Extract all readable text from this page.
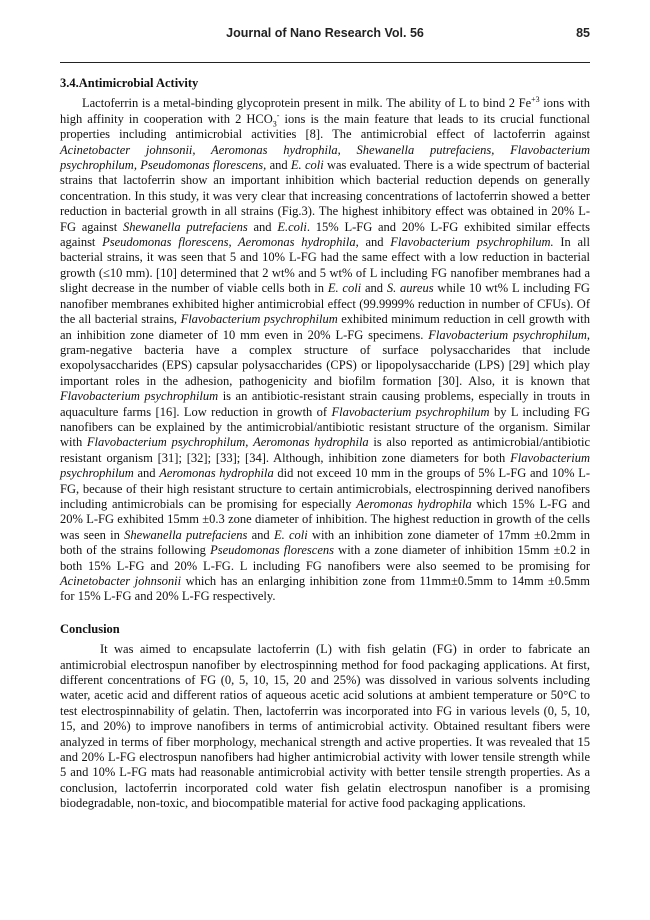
Journal of Nano Research Vol. 56	85
3.4.Antimicrobial Activity

Lactoferrin is a metal-binding glycoprotein present in milk. The ability of L to bind 2 $Fe^{+3}$ ions with high affinity in cooperation with 2 $HCO_3^-$ ions is the main feature that leads to its crucial functional properties including antimicrobial activities [8]. The antimicrobial effect of lactoferrin against Acinetobacter johnsonii, Aeromonas hydrophila, Shewanella putrefaciens, Flavobacterium psychrophilum, Pseudomonas florescens, and E. coli was evaluated. There is a wide spectrum of bacterial strains that lactoferrin show an important inhibition which bacterial reduction depends on generally concentration. In this study, it was very clear that increasing concentrations of lactoferrin showed a better reduction in bacterial growth in all strains (Fig.3). The highest inhibitory effect was obtained in 20% L-FG against Shewanella putrefaciens and E.coli. 15% L-FG and 20% L-FG exhibited similar effects against Pseudomonas florescens, Aeromonas hydrophila, and Flavobacterium psychrophilum. In all bacterial strains, it was seen that 5 and 10% L-FG had the same effect with a low reduction in bacterial growth (≤10 mm). [10] determined that 2 wt% and 5 wt% of L including FG nanofiber membranes had a slight decrease in the number of viable cells both in E. coli and S. aureus while 10 wt% L including FG nanofiber membranes exhibited higher antimicrobial effect (99.9999% reduction in number of CFUs). Of the all bacterial strains, Flavobacterium psychrophilum exhibited minimum reduction in cell growth with an inhibition zone diameter of 10 mm even in 20% L-FG specimens. Flavobacterium psychrophilum, gram-negative bacteria have a complex structure of surface polysaccharides that include exopolysaccharides (EPS) capsular polysaccharides (CPS) or lipopolysaccharide (LPS) [29] which play important roles in the adhesion, pathogenicity and biofilm formation [30]. Also, it is known that Flavobacterium psychrophilum is an antibiotic-resistant strain causing problems, especially in trouts in aquaculture farms [16]. Low reduction in growth of Flavobacterium psychrophilum by L including FG nanofibers can be explained by the antimicrobial/antibiotic resistant structure of the organism. Similar with Flavobacterium psychrophilum, Aeromonas hydrophila is also reported as antimicrobial/antibiotic resistant organism [31]; [32]; [33]; [34]. Although, inhibition zone diameters for both Flavobacterium psychrophilum and Aeromonas hydrophila did not exceed 10 mm in the groups of 5% L-FG and 10% L-FG, because of their high resistant structure to certain antimicrobials, electrospinning derived nanofibers including antimicrobials can be promising for especially Aeromonas hydrophila which 15% L-FG and 20% L-FG exhibited 15mm ±0.3 zone diameter of inhibition. The highest reduction in growth of the cells was seen in Shewanella putrefaciens and E. coli with an inhibition zone diameter of 17mm ±0.2mm in both of the strains following Pseudomonas florescens with a zone diameter of inhibition 15mm ±0.2 in both 15% L-FG and 20% L-FG. L including FG nanofibers were also seemed to be promising for Acinetobacter johnsonii which has an enlarging inhibition zone from 11mm±0.5mm to 14mm ±0.5mm for 15% L-FG and 20% L-FG respectively.

Conclusion

It was aimed to encapsulate lactoferrin (L) with fish gelatin (FG) in order to fabricate an antimicrobial electrospun nanofiber by electrospinning method for food packaging applications. At first, different concentrations of FG (0, 5, 10, 15, 20 and 25%) was dissolved in various solvents including water, acetic acid and different ratios of aqueous acetic acid solutions at ambient temperature or 50°C to test electrospinnability of gelatin. Then, lactoferrin was incorporated into FG in various levels (0, 5, 10, 15, and 20%) to improve nanofibers in terms of antimicrobial activity. Obtained resultant fibers were analyzed in terms of fiber morphology, mechanical strength and active properties. It was revealed that 15 and 20% L-FG electrospun nanofibers had higher antimicrobial activity with lower tensile strength while 5 and 10% L-FG mats had reasonable antimicrobial activity with better tensile strength properties. As a conclusion, lactoferrin incorporated cold water fish gelatin electrospun nanofiber is a promising biodegradable, non-toxic, and biocompatible material for active food packaging applications.
